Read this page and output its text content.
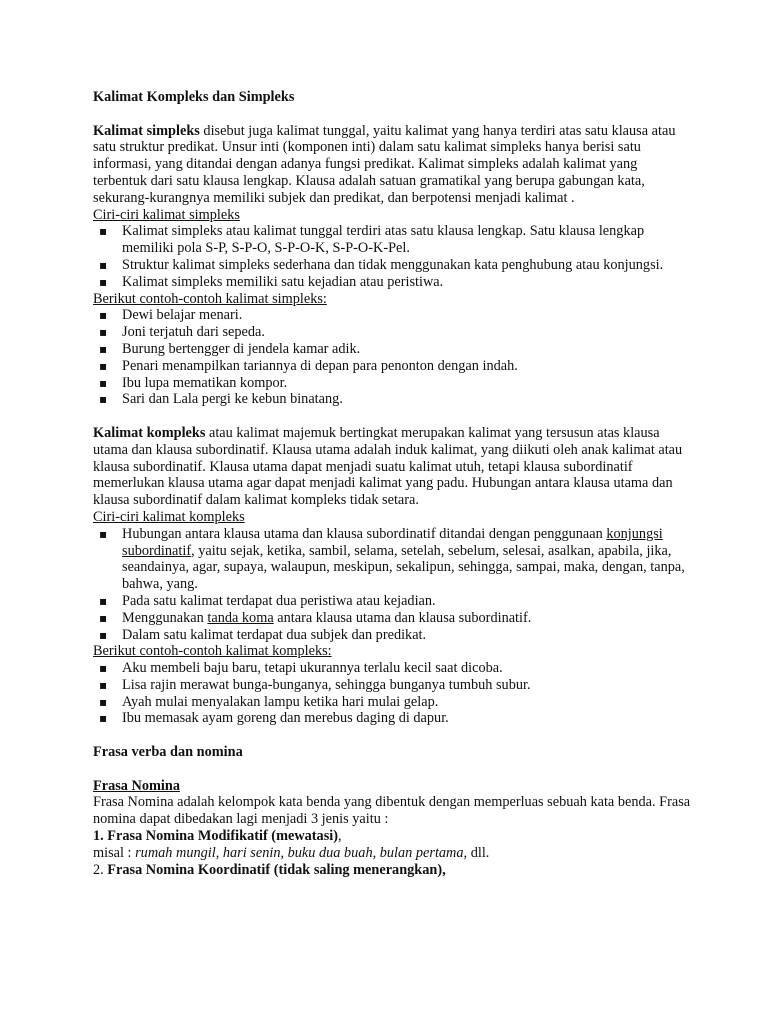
Kalimat Kompleks dan Simpleks

Kalimat simpleks disebut juga kalimat tunggal, yaitu kalimat yang hanya terdiri atas satu klausa atau satu struktur predikat. Unsur inti (komponen inti) dalam satu kalimat simpleks hanya berisi satu informasi, yang ditandai dengan adanya fungsi predikat. Kalimat simpleks adalah kalimat yang terbentuk dari satu klausa lengkap. Klausa adalah satuan gramatikal yang berupa gabungan kata, sekurang-kurangnya memiliki subjek dan predikat, dan berpotensi menjadi kalimat .

Ciri-ciri kalimat simpleks

▪ Kalimat simpleks atau kalimat tunggal terdiri atas satu klausa lengkap. Satu klausa lengkap memiliki pola S-P, S-P-O, S-P-O-K, S-P-O-K-Pel.
▪ Struktur kalimat simpleks sederhana dan tidak menggunakan kata penghubung atau konjungsi.
▪ Kalimat simpleks memiliki satu kejadian atau peristiwa.

Berikut contoh-contoh kalimat simpleks:

▪ Dewi belajar menari.
▪ Joni terjatuh dari sepeda.
▪ Burung bertengger di jendela kamar adik.
▪ Penari menampilkan tariannya di depan para penonton dengan indah.
▪ Ibu lupa mematikan kompor.
▪ Sari dan Lala pergi ke kebun binatang.

Kalimat kompleks atau kalimat majemuk bertingkat merupakan kalimat yang tersusun atas klausa utama dan klausa subordinatif. Klausa utama adalah induk kalimat, yang diikuti oleh anak kalimat atau klausa subordinatif. Klausa utama dapat menjadi suatu kalimat utuh, tetapi klausa subordinatif memerlukan klausa utama agar dapat menjadi kalimat yang padu. Hubungan antara klausa utama dan klausa subordinatif dalam kalimat kompleks tidak setara.

Ciri-ciri kalimat kompleks

▪ Hubungan antara klausa utama dan klausa subordinatif ditandai dengan penggunaan konjungsi subordinatif, yaitu sejak, ketika, sambil, selama, setelah, sebelum, selesai, asalkan, apabila, jika, seandainya, agar, supaya, walaupun, meskipun, sekalipun, sehingga, sampai, maka, dengan, tanpa, bahwa, yang.
▪ Pada satu kalimat terdapat dua peristiwa atau kejadian.
▪ Menggunakan tanda koma antara klausa utama dan klausa subordinatif.
▪ Dalam satu kalimat terdapat dua subjek dan predikat.

Berikut contoh-contoh kalimat kompleks:

▪ Aku membeli baju baru, tetapi ukurannya terlalu kecil saat dicoba.
▪ Lisa rajin merawat bunga-bunganya, sehingga bunganya tumbuh subur.
▪ Ayah mulai menyalakan lampu ketika hari mulai gelap.
▪ Ibu memasak ayam goreng dan merebus daging di dapur.

Frasa verba dan nomina

Frasa Nomina

Frasa Nomina adalah kelompok kata benda yang dibentuk dengan memperluas sebuah kata benda. Frasa nomina dapat dibedakan lagi menjadi 3 jenis yaitu :

1. Frasa Nomina Modifikatif (mewatasi),

misal : rumah mungil, hari senin, buku dua buah, bulan pertama, dll.

2. Frasa Nomina Koordinatif (tidak saling menerangkan),
